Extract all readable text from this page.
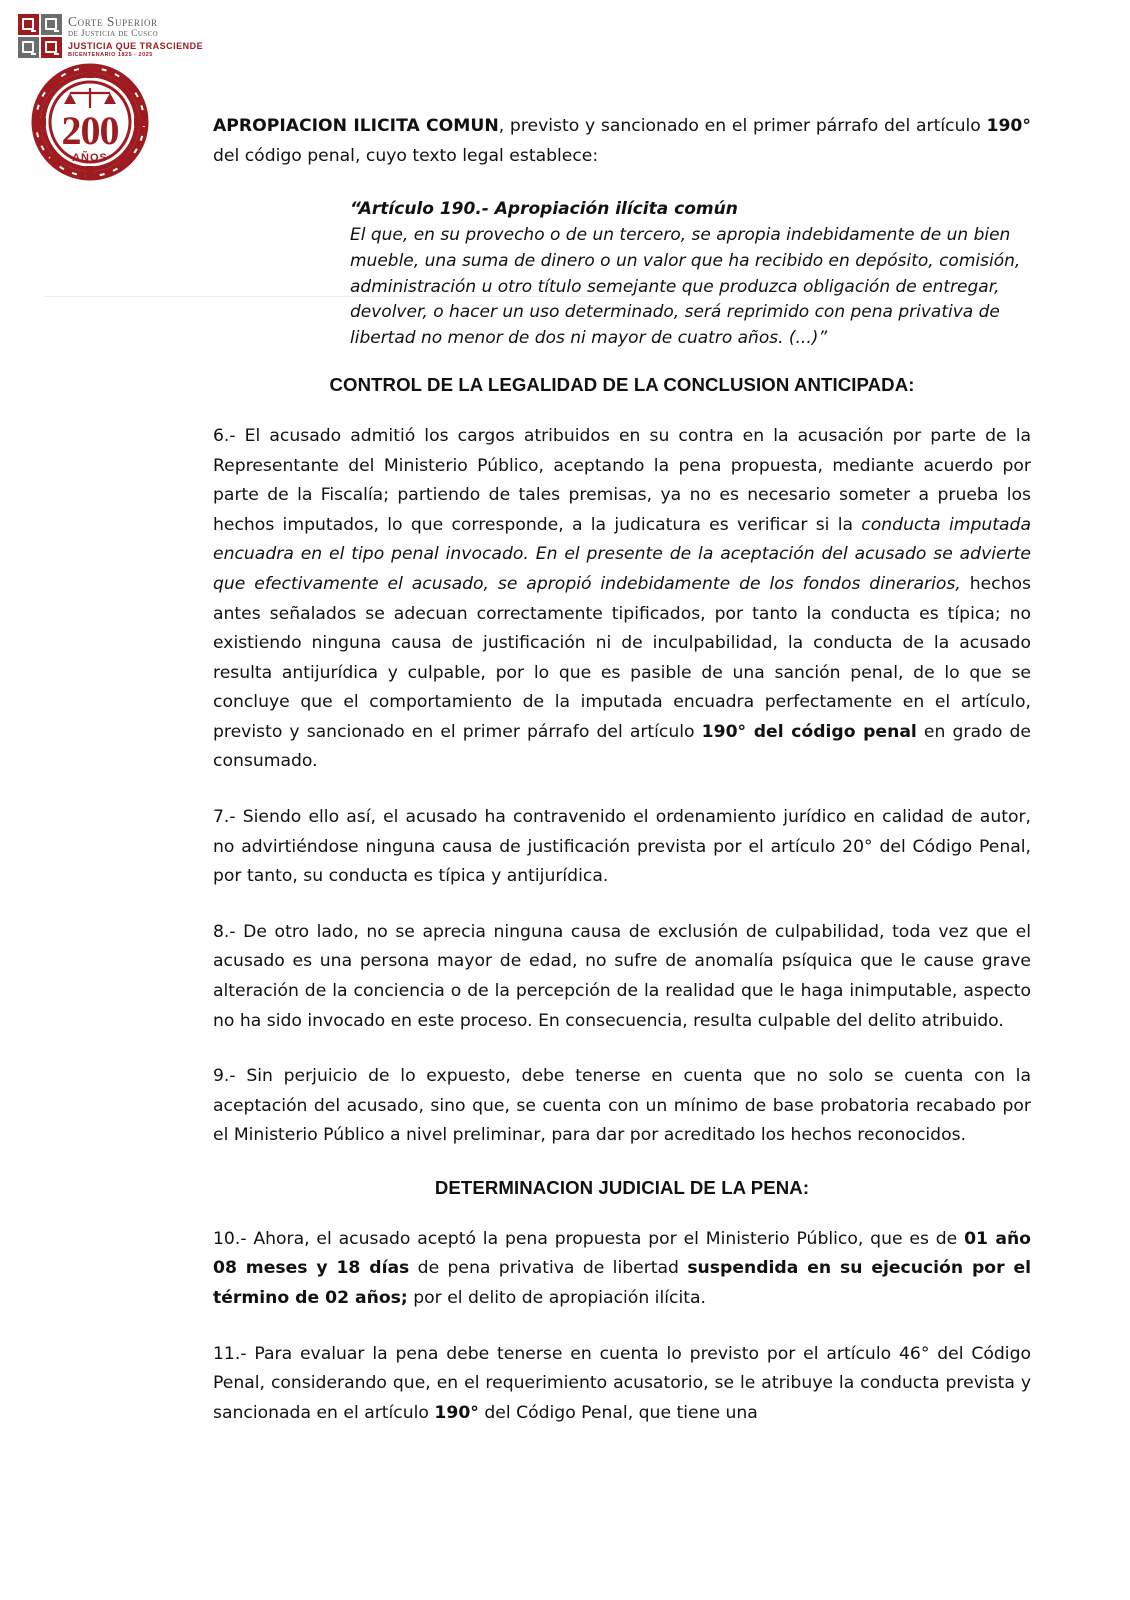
Corte Superior
de Justicia de Cusco
JUSTICIA QUE TRASCIENDE
BICENTENARIO 1825 - 2025
200
AÑOS

APROPIACION ILICITA COMUN, previsto y sancionado en el primer párrafo del artículo 190° del código penal, cuyo texto legal establece:

“Artículo 190.- Apropiación ilícita común
El que, en su provecho o de un tercero, se apropia indebidamente de un bien mueble, una suma de dinero o un valor que ha recibido en depósito, comisión, administración u otro título semejante que produzca obligación de entregar, devolver, o hacer un uso determinado, será reprimido con pena privativa de libertad no menor de dos ni mayor de cuatro años. (...)”
CONTROL DE LA LEGALIDAD DE LA CONCLUSION ANTICIPADA:

6.- El acusado admitió los cargos atribuidos en su contra en la acusación por parte de la Representante del Ministerio Público, aceptando la pena propuesta, mediante acuerdo por parte de la Fiscalía; partiendo de tales premisas, ya no es necesario someter a prueba los hechos imputados, lo que corresponde, a la judicatura es verificar si la conducta imputada encuadra en el tipo penal invocado. En el presente de la aceptación del acusado se advierte que efectivamente el acusado, se apropió indebidamente de los fondos dinerarios, hechos antes señalados se adecuan correctamente tipificados, por tanto la conducta es típica; no existiendo ninguna causa de justificación ni de inculpabilidad, la conducta de la acusado resulta antijurídica y culpable, por lo que es pasible de una sanción penal, de lo que se concluye que el comportamiento de la imputada encuadra perfectamente en el artículo, previsto y sancionado en el primer párrafo del artículo 190° del código penal en grado de consumado.

7.- Siendo ello así, el acusado ha contravenido el ordenamiento jurídico en calidad de autor, no advirtiéndose ninguna causa de justificación prevista por el artículo 20° del Código Penal, por tanto, su conducta es típica y antijurídica.

8.- De otro lado, no se aprecia ninguna causa de exclusión de culpabilidad, toda vez que el acusado es una persona mayor de edad, no sufre de anomalía psíquica que le cause grave alteración de la conciencia o de la percepción de la realidad que le haga inimputable, aspecto no ha sido invocado en este proceso. En consecuencia, resulta culpable del delito atribuido.

9.- Sin perjuicio de lo expuesto, debe tenerse en cuenta que no solo se cuenta con la aceptación del acusado, sino que, se cuenta con un mínimo de base probatoria recabado por el Ministerio Público a nivel preliminar, para dar por acreditado los hechos reconocidos.

DETERMINACION JUDICIAL DE LA PENA:

10.- Ahora, el acusado aceptó la pena propuesta por el Ministerio Público, que es de 01 año 08 meses y 18 días de pena privativa de libertad suspendida en su ejecución por el término de 02 años; por el delito de apropiación ilícita.

11.- Para evaluar la pena debe tenerse en cuenta lo previsto por el artículo 46° del Código Penal, considerando que, en el requerimiento acusatorio, se le atribuye la conducta prevista y sancionada en el artículo 190° del Código Penal, que tiene una
